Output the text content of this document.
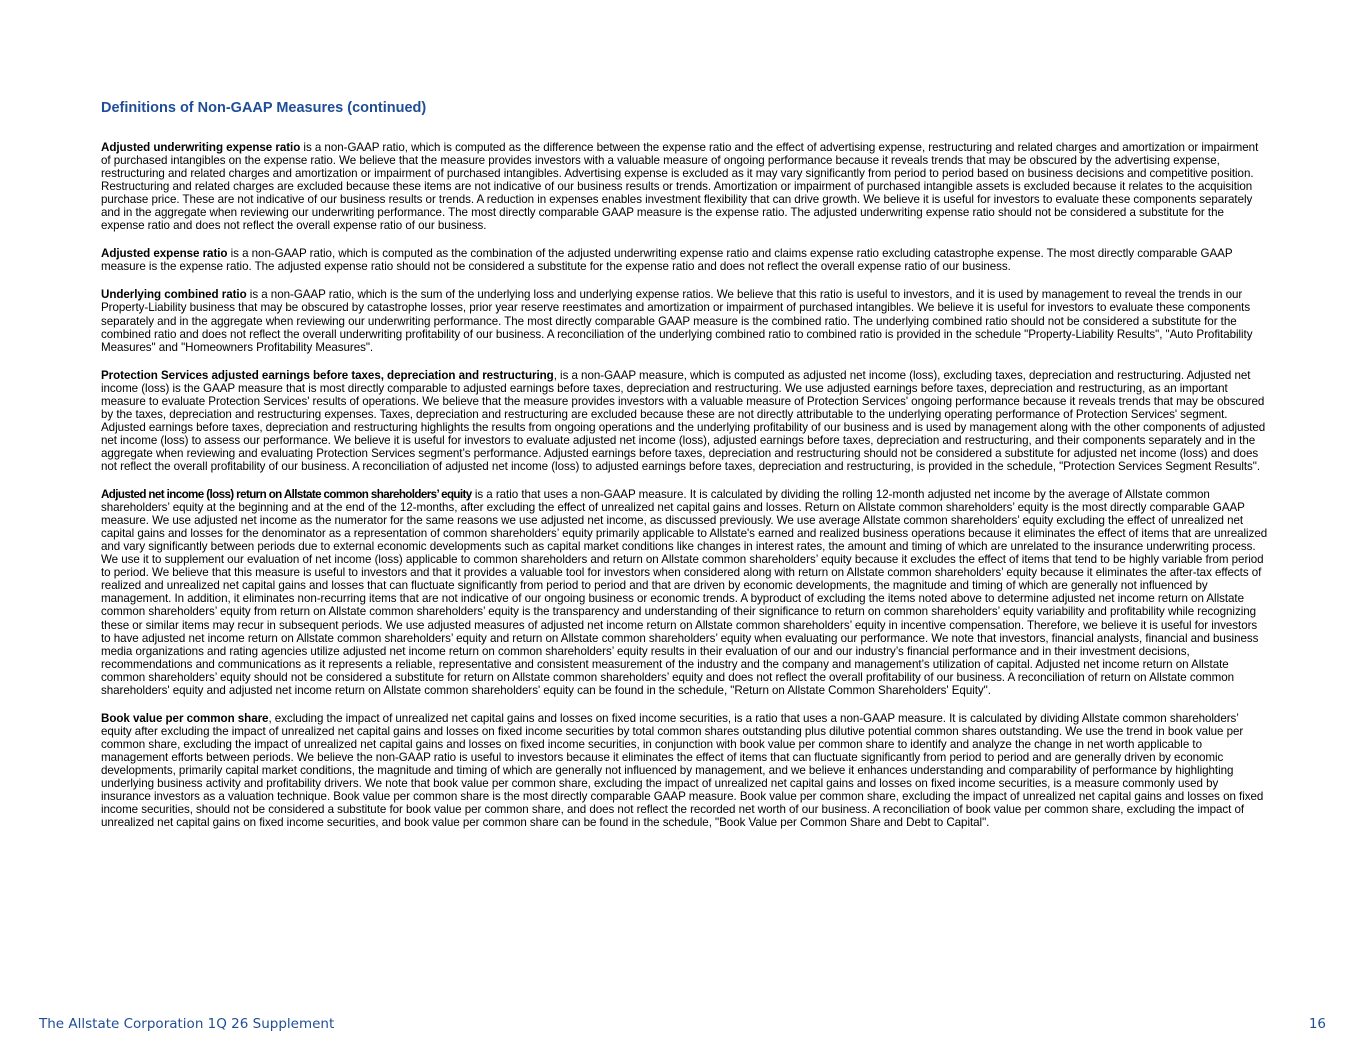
Definitions of Non-GAAP Measures (continued)

Adjusted underwriting expense ratio is a non-GAAP ratio, which is computed as the difference between the expense ratio and the effect of advertising expense, restructuring and related charges and amortization or impairment of purchased intangibles on the expense ratio. We believe that the measure provides investors with a valuable measure of ongoing performance because it reveals trends that may be obscured by the advertising expense, restructuring and related charges and amortization or impairment of purchased intangibles. Advertising expense is excluded as it may vary significantly from period to period based on business decisions and competitive position. Restructuring and related charges are excluded because these items are not indicative of our business results or trends. Amortization or impairment of purchased intangible assets is excluded because it relates to the acquisition purchase price. These are not indicative of our business results or trends. A reduction in expenses enables investment flexibility that can drive growth. We believe it is useful for investors to evaluate these components separately and in the aggregate when reviewing our underwriting performance. The most directly comparable GAAP measure is the expense ratio. The adjusted underwriting expense ratio should not be considered a substitute for the expense ratio and does not reflect the overall expense ratio of our business.

Adjusted expense ratio is a non-GAAP ratio, which is computed as the combination of the adjusted underwriting expense ratio and claims expense ratio excluding catastrophe expense. The most directly comparable GAAP measure is the expense ratio. The adjusted expense ratio should not be considered a substitute for the expense ratio and does not reflect the overall expense ratio of our business.

Underlying combined ratio is a non-GAAP ratio, which is the sum of the underlying loss and underlying expense ratios. We believe that this ratio is useful to investors, and it is used by management to reveal the trends in our Property-Liability business that may be obscured by catastrophe losses, prior year reserve reestimates and amortization or impairment of purchased intangibles. We believe it is useful for investors to evaluate these components separately and in the aggregate when reviewing our underwriting performance. The most directly comparable GAAP measure is the combined ratio. The underlying combined ratio should not be considered a substitute for the combined ratio and does not reflect the overall underwriting profitability of our business. A reconciliation of the underlying combined ratio to combined ratio is provided in the schedule "Property-Liability Results", "Auto Profitability Measures" and "Homeowners Profitability Measures".

Protection Services adjusted earnings before taxes, depreciation and restructuring, is a non-GAAP measure, which is computed as adjusted net income (loss), excluding taxes, depreciation and restructuring. Adjusted net income (loss) is the GAAP measure that is most directly comparable to adjusted earnings before taxes, depreciation and restructuring. We use adjusted earnings before taxes, depreciation and restructuring, as an important measure to evaluate Protection Services' results of operations. We believe that the measure provides investors with a valuable measure of Protection Services' ongoing performance because it reveals trends that may be obscured by the taxes, depreciation and restructuring expenses. Taxes, depreciation and restructuring are excluded because these are not directly attributable to the underlying operating performance of Protection Services' segment. Adjusted earnings before taxes, depreciation and restructuring highlights the results from ongoing operations and the underlying profitability of our business and is used by management along with the other components of adjusted net income (loss) to assess our performance. We believe it is useful for investors to evaluate adjusted net income (loss), adjusted earnings before taxes, depreciation and restructuring, and their components separately and in the aggregate when reviewing and evaluating Protection Services segment’s performance. Adjusted earnings before taxes, depreciation and restructuring should not be considered a substitute for adjusted net income (loss) and does not reflect the overall profitability of our business. A reconciliation of adjusted net income (loss) to adjusted earnings before taxes, depreciation and restructuring, is provided in the schedule, "Protection Services Segment Results".

Adjusted net income (loss) return on Allstate common shareholders’ equity is a ratio that uses a non-GAAP measure. It is calculated by dividing the rolling 12-month adjusted net income by the average of Allstate common shareholders’ equity at the beginning and at the end of the 12-months, after excluding the effect of unrealized net capital gains and losses. Return on Allstate common shareholders’ equity is the most directly comparable GAAP measure. We use adjusted net income as the numerator for the same reasons we use adjusted net income, as discussed previously. We use average Allstate common shareholders’ equity excluding the effect of unrealized net capital gains and losses for the denominator as a representation of common shareholders’ equity primarily applicable to Allstate's earned and realized business operations because it eliminates the effect of items that are unrealized and vary significantly between periods due to external economic developments such as capital market conditions like changes in interest rates, the amount and timing of which are unrelated to the insurance underwriting process. We use it to supplement our evaluation of net income (loss) applicable to common shareholders and return on Allstate common shareholders’ equity because it excludes the effect of items that tend to be highly variable from period to period. We believe that this measure is useful to investors and that it provides a valuable tool for investors when considered along with return on Allstate common shareholders’ equity because it eliminates the after-tax effects of realized and unrealized net capital gains and losses that can fluctuate significantly from period to period and that are driven by economic developments, the magnitude and timing of which are generally not influenced by management. In addition, it eliminates non-recurring items that are not indicative of our ongoing business or economic trends. A byproduct of excluding the items noted above to determine adjusted net income return on Allstate common shareholders’ equity from return on Allstate common shareholders’ equity is the transparency and understanding of their significance to return on common shareholders’ equity variability and profitability while recognizing these or similar items may recur in subsequent periods. We use adjusted measures of adjusted net income return on Allstate common shareholders’ equity in incentive compensation. Therefore, we believe it is useful for investors to have adjusted net income return on Allstate common shareholders’ equity and return on Allstate common shareholders’ equity when evaluating our performance. We note that investors, financial analysts, financial and business media organizations and rating agencies utilize adjusted net income return on common shareholders’ equity results in their evaluation of our and our industry’s financial performance and in their investment decisions, recommendations and communications as it represents a reliable, representative and consistent measurement of the industry and the company and management’s utilization of capital. Adjusted net income return on Allstate common shareholders’ equity should not be considered a substitute for return on Allstate common shareholders’ equity and does not reflect the overall profitability of our business. A reconciliation of return on Allstate common shareholders' equity and adjusted net income return on Allstate common shareholders' equity can be found in the schedule, "Return on Allstate Common Shareholders' Equity".

Book value per common share, excluding the impact of unrealized net capital gains and losses on fixed income securities, is a ratio that uses a non-GAAP measure. It is calculated by dividing Allstate common shareholders’ equity after excluding the impact of unrealized net capital gains and losses on fixed income securities by total common shares outstanding plus dilutive potential common shares outstanding. We use the trend in book value per common share, excluding the impact of unrealized net capital gains and losses on fixed income securities, in conjunction with book value per common share to identify and analyze the change in net worth applicable to management efforts between periods. We believe the non-GAAP ratio is useful to investors because it eliminates the effect of items that can fluctuate significantly from period to period and are generally driven by economic developments, primarily capital market conditions, the magnitude and timing of which are generally not influenced by management, and we believe it enhances understanding and comparability of performance by highlighting underlying business activity and profitability drivers. We note that book value per common share, excluding the impact of unrealized net capital gains and losses on fixed income securities, is a measure commonly used by insurance investors as a valuation technique. Book value per common share is the most directly comparable GAAP measure. Book value per common share, excluding the impact of unrealized net capital gains and losses on fixed income securities, should not be considered a substitute for book value per common share, and does not reflect the recorded net worth of our business. A reconciliation of book value per common share, excluding the impact of unrealized net capital gains on fixed income securities, and book value per common share can be found in the schedule, "Book Value per Common Share and Debt to Capital".

The Allstate Corporation 1Q 26 Supplement	16
